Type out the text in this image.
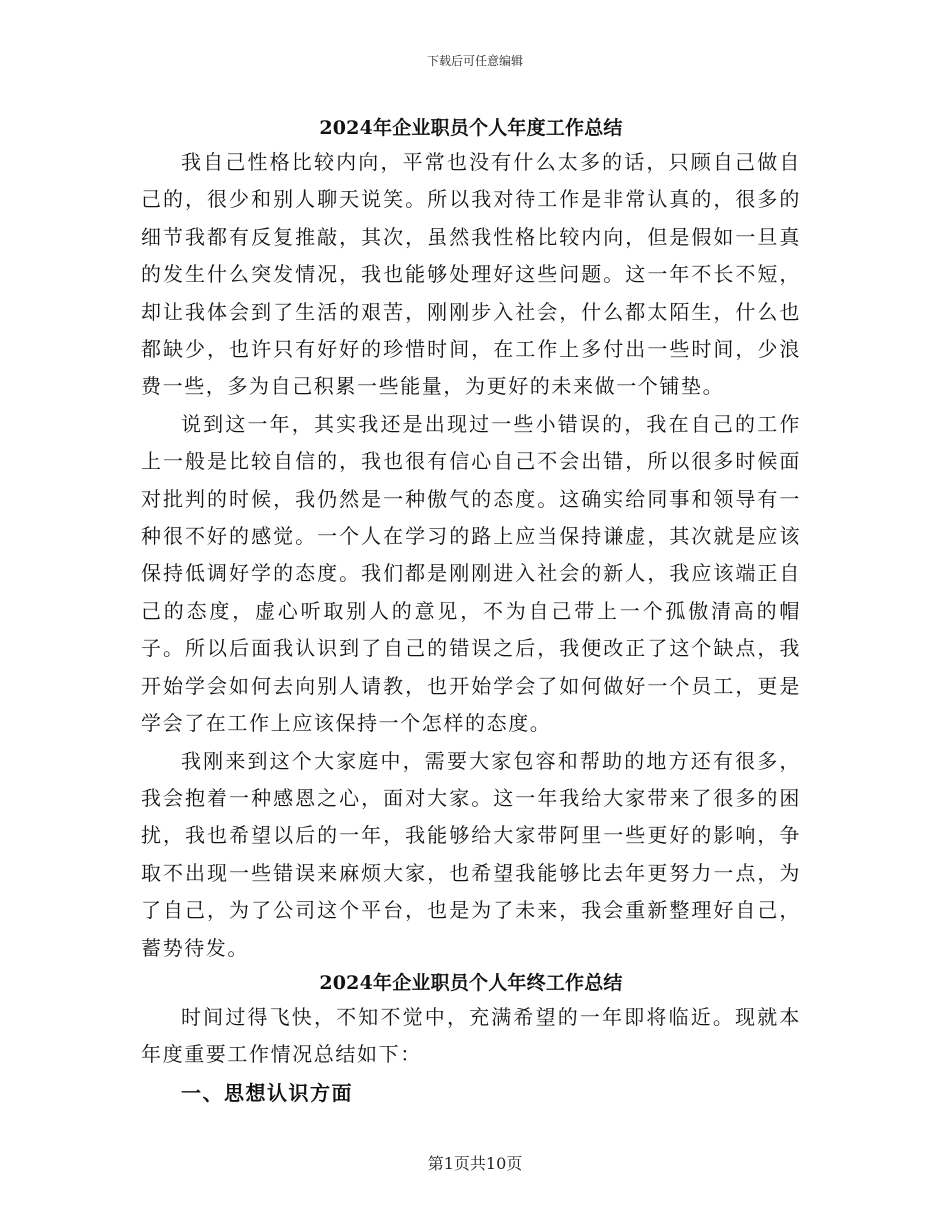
下载后可任意编辑
2024年企业职员个人年度工作总结

我自己性格比较内向，平常也没有什么太多的话，只顾自己做自己的，很少和别人聊天说笑。所以我对待工作是非常认真的，很多的细节我都有反复推敲，其次，虽然我性格比较内向，但是假如一旦真的发生什么突发情况，我也能够处理好这些问题。这一年不长不短，却让我体会到了生活的艰苦，刚刚步入社会，什么都太陌生，什么也都缺少，也许只有好好的珍惜时间，在工作上多付出一些时间，少浪费一些，多为自己积累一些能量，为更好的未来做一个铺垫。

说到这一年，其实我还是出现过一些小错误的，我在自己的工作上一般是比较自信的，我也很有信心自己不会出错，所以很多时候面对批判的时候，我仍然是一种傲气的态度。这确实给同事和领导有一种很不好的感觉。一个人在学习的路上应当保持谦虚，其次就是应该保持低调好学的态度。我们都是刚刚进入社会的新人，我应该端正自己的态度，虚心听取别人的意见，不为自己带上一个孤傲清高的帽子。所以后面我认识到了自己的错误之后，我便改正了这个缺点，我开始学会如何去向别人请教，也开始学会了如何做好一个员工，更是学会了在工作上应该保持一个怎样的态度。

我刚来到这个大家庭中，需要大家包容和帮助的地方还有很多，我会抱着一种感恩之心，面对大家。这一年我给大家带来了很多的困扰，我也希望以后的一年，我能够给大家带阿里一些更好的影响，争取不出现一些错误来麻烦大家，也希望我能够比去年更努力一点，为了自己，为了公司这个平台，也是为了未来，我会重新整理好自己，蓄势待发。

2024年企业职员个人年终工作总结

时间过得飞快，不知不觉中，充满希望的一年即将临近。现就本年度重要工作情况总结如下：

一、思想认识方面
第1页共10页
